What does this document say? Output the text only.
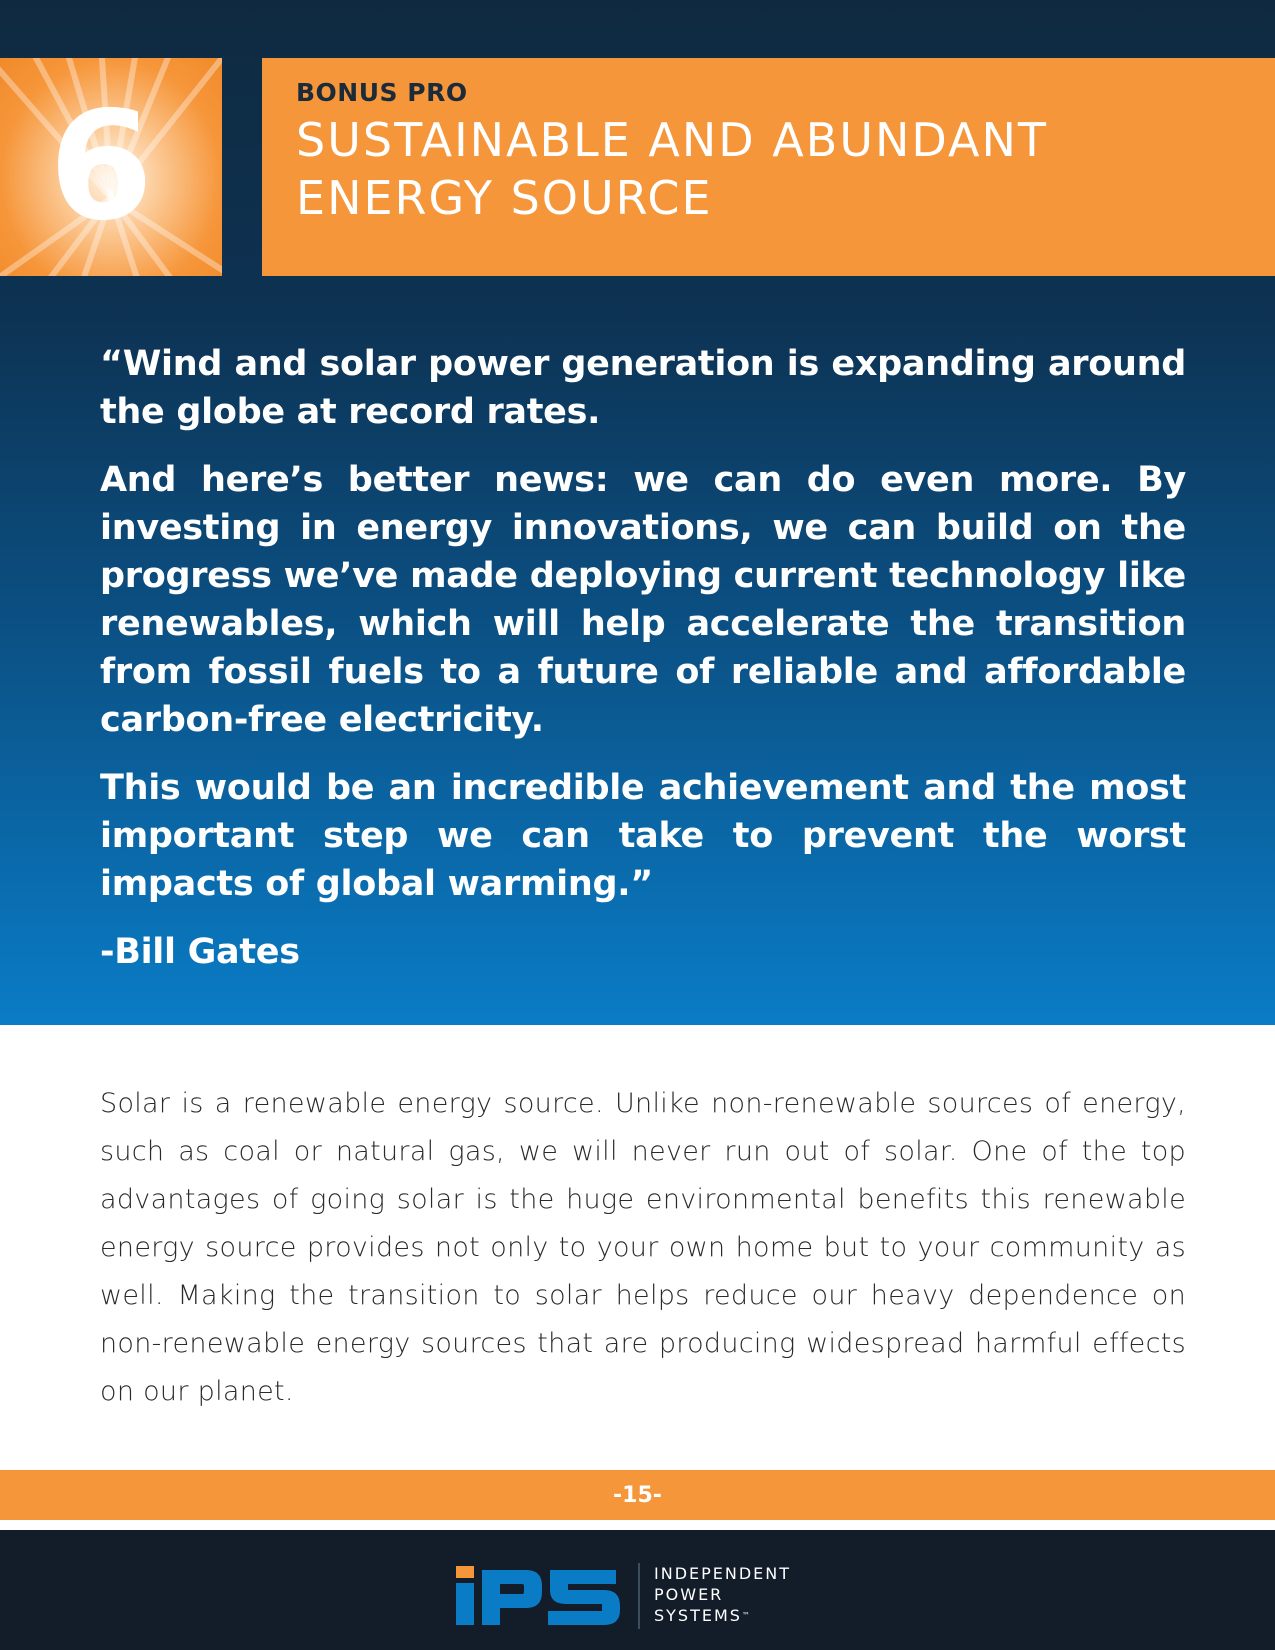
6	BONUS PRO
SUSTAINABLE AND ABUNDANT
ENERGY SOURCE

“Wind and solar power generation is expanding around the globe at record rates.

And here’s better news: we can do even more. By investing in energy innovations, we can build on the progress we’ve made deploying current technology like renewables, which will help accelerate the transition from fossil fuels to a future of reliable and affordable carbon-free electricity.

This would be an incredible achievement and the most important step we can take to prevent the worst impacts of global warming.”

-Bill Gates

Solar is a renewable energy source. Unlike non-renewable sources of energy, such as coal or natural gas, we will never run out of solar. One of the top advantages of going solar is the huge environmental benefits this renewable energy source provides not only to your own home but to your community as well. Making the transition to solar helps reduce our heavy dependence on non-renewable energy sources that are producing widespread harmful effects on our planet.

-15-
INDEPENDENT
POWER
SYSTEMS™
